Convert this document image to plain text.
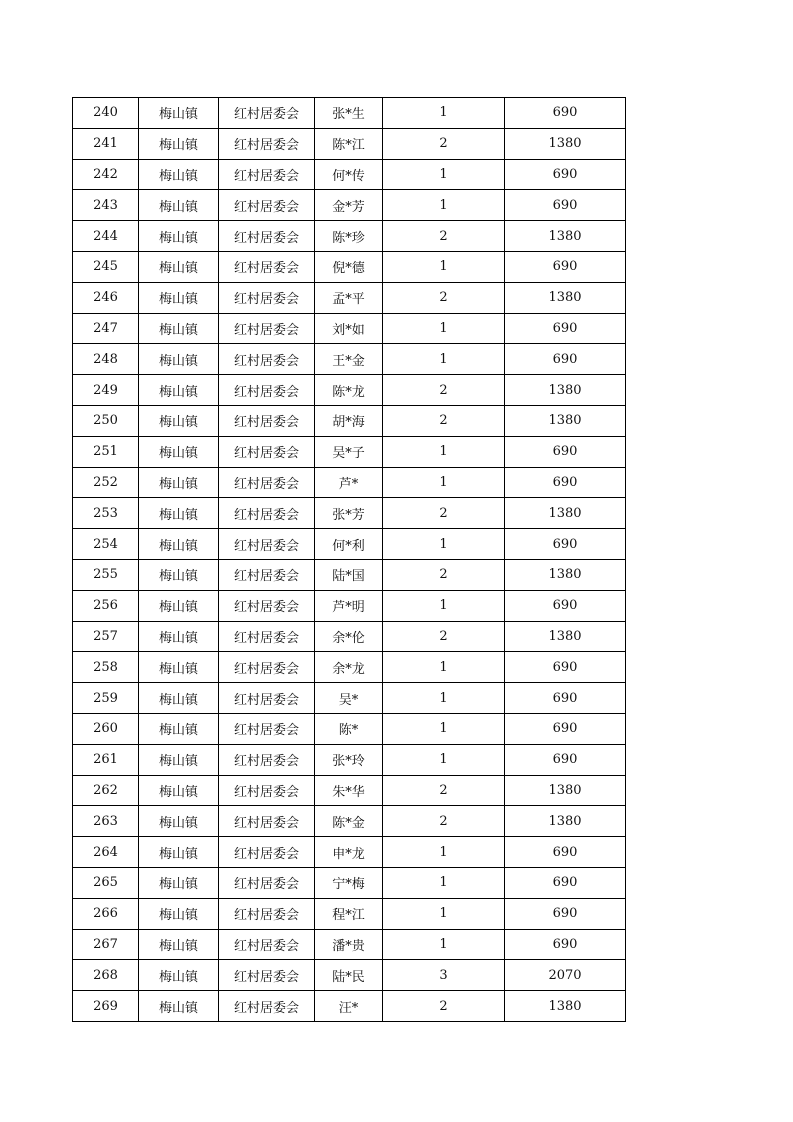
240	梅山镇	红村居委会	张*生	1	690
241	梅山镇	红村居委会	陈*江	2	1380
242	梅山镇	红村居委会	何*传	1	690
243	梅山镇	红村居委会	金*芳	1	690
244	梅山镇	红村居委会	陈*珍	2	1380
245	梅山镇	红村居委会	倪*德	1	690
246	梅山镇	红村居委会	孟*平	2	1380
247	梅山镇	红村居委会	刘*如	1	690
248	梅山镇	红村居委会	王*金	1	690
249	梅山镇	红村居委会	陈*龙	2	1380
250	梅山镇	红村居委会	胡*海	2	1380
251	梅山镇	红村居委会	吴*子	1	690
252	梅山镇	红村居委会	芦*	1	690
253	梅山镇	红村居委会	张*芳	2	1380
254	梅山镇	红村居委会	何*利	1	690
255	梅山镇	红村居委会	陆*国	2	1380
256	梅山镇	红村居委会	芦*明	1	690
257	梅山镇	红村居委会	余*伦	2	1380
258	梅山镇	红村居委会	余*龙	1	690
259	梅山镇	红村居委会	吴*	1	690
260	梅山镇	红村居委会	陈*	1	690
261	梅山镇	红村居委会	张*玲	1	690
262	梅山镇	红村居委会	朱*华	2	1380
263	梅山镇	红村居委会	陈*金	2	1380
264	梅山镇	红村居委会	申*龙	1	690
265	梅山镇	红村居委会	宁*梅	1	690
266	梅山镇	红村居委会	程*江	1	690
267	梅山镇	红村居委会	潘*贵	1	690
268	梅山镇	红村居委会	陆*民	3	2070
269	梅山镇	红村居委会	汪*	2	1380
